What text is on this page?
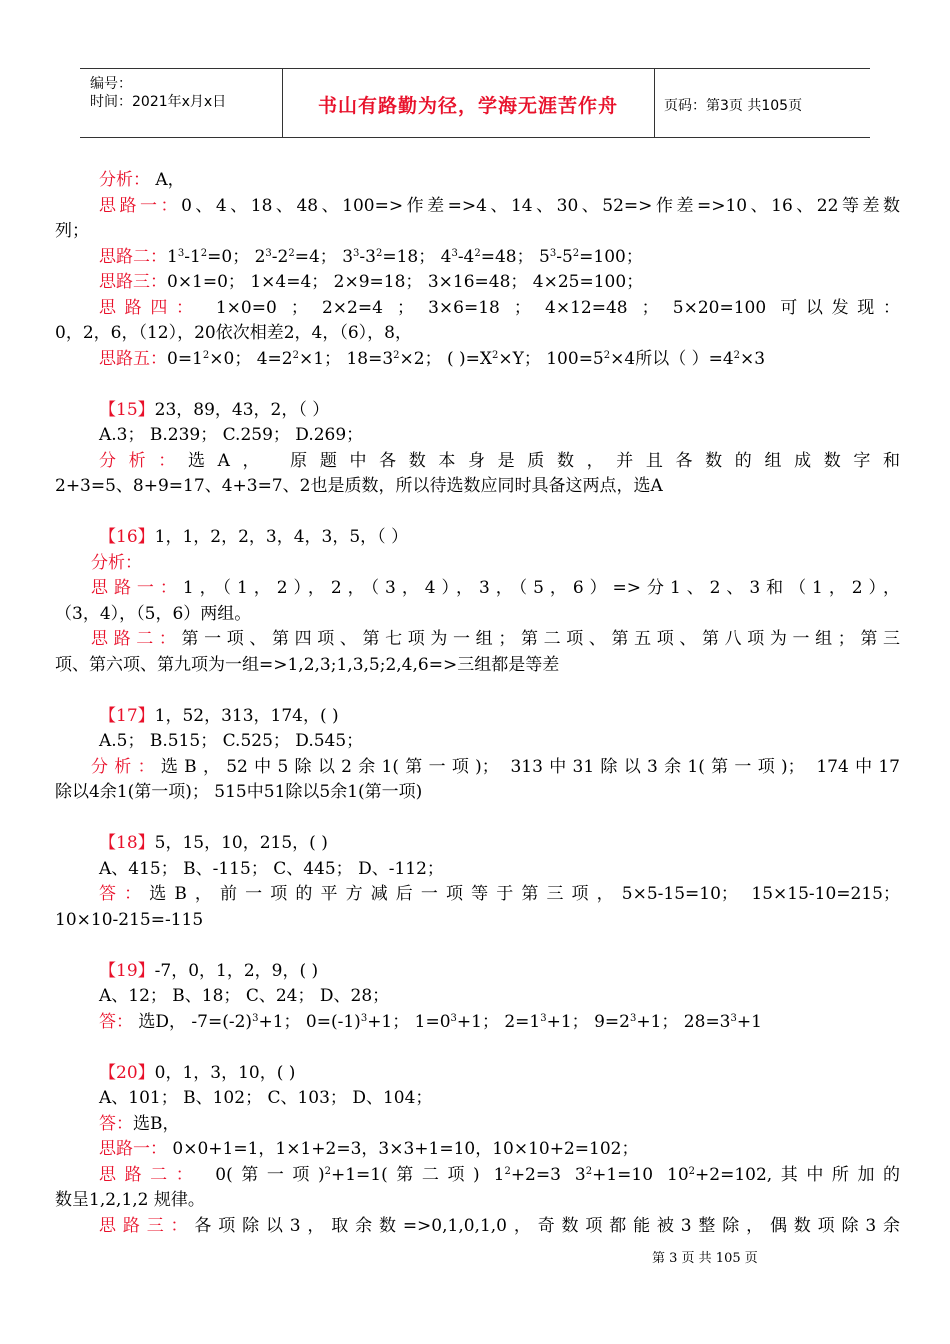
编号：
时间：2021年x月x日	书山有路勤为径，学海无涯苦作舟	页码：第3页 共105页
分析： A，
思路一：0、4、18、48、100=>作差=>4、14、30、52=>作差=>10、16、22等差数
列；
思路二：$1^3-1^2=0$； $2^3-2^2=4$； $3^3-3^2=18$； $4^3-4^2=48$； $5^3-5^2=100$；
思路三：0×1=0； 1×4=4； 2×9=18； 3×16=48； 4×25=100；
思路四： 1×0=0 ； 2×2=4 ； 3×6=18 ； 4×12=48 ； 5×20=100 可以发现：
0，2，6，（12），20依次相差2，4，（6），8，
思路五：$0=1^2\times 0$； $4=2^2\times 1$； $18=3^2\times 2$； ( )$=X^2\times Y$； $100=5^2\times 4$所以（ ）$=4^2\times 3$
【15】23，89，43，2，（ ）
A.3； B.239； C.259； D.269；
分析：选A， 原题中各数本身是质数，并且各数的组成数字和
2+3=5、8+9=17、4+3=7、2也是质数，所以待选数应同时具备这两点，选A
【16】1，1，2，2，3，4，3，5，（ ）
分析：
思路一：1，（1，2），2，（3，4），3，（5，6）=>分1、2、3和（1，2），
（3，4），（5，6）两组。
思路二：第一项、第四项、第七项为一组；第二项、第五项、第八项为一组；第三
项、第六项、第九项为一组=>1,2,3;1,3,5;2,4,6=>三组都是等差
【17】1，52，313，174，( )
A.5； B.515； C.525； D.545；
分析：选B，52中5除以2余1(第一项)； 313中31除以3余1(第一项)； 174中17
除以4余1(第一项)； 515中51除以5余1(第一项)
【18】5，15，10，215，( )
A、415； B、-115； C、445； D、-112；
答：选B，前一项的平方减后一项等于第三项，5×5-15=10； 15×15-10=215；
10×10-215=-115
【19】-7，0，1，2，9，( )
A、12； B、18； C、24； D、28；
答： 选D， $-7=(-2)^3+1$； $0=(-1)^3+1$； $1=0^3+1$； $2=1^3+1$； $9=2^3+1$； $28=3^3+1$
【20】0，1，3，10，( )
A、101； B、102； C、103； D、104；
答：选B，
思路一： 0×0+1=1，1×1+2=3，3×3+1=10，10×10+2=102；
思路二： 0(第一项)$^2$+1=1(第二项) $1^2+2=3$ $3^2+1=10$ $10^2+2=102$,其中所加的
数呈1,2,1,2 规律。
思路三：各项除以3，取余数=>0,1,0,1,0，奇数项都能被3整除，偶数项除3余
第 3 页 共 105 页
